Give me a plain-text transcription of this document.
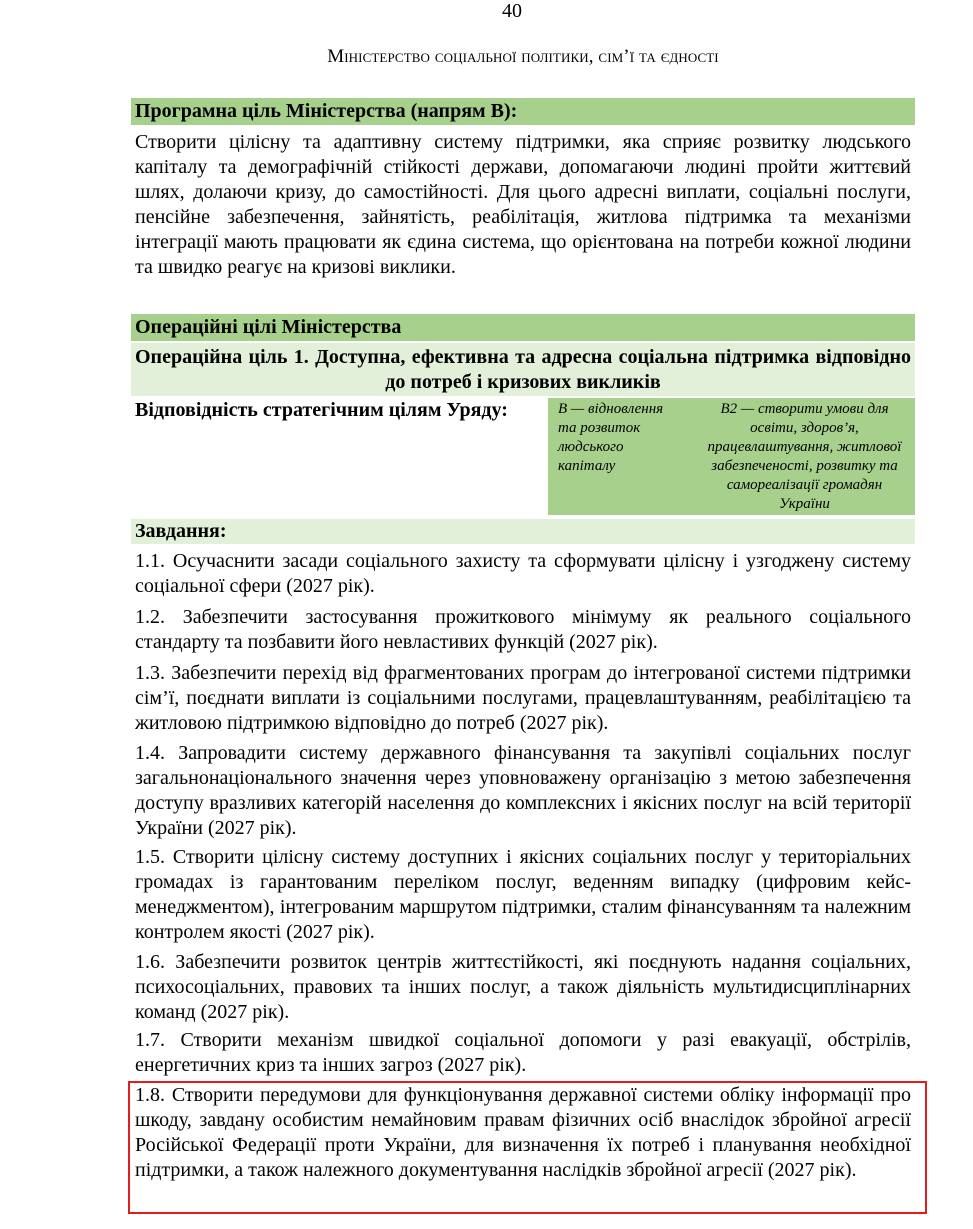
40
Міністерство соціальної політики, сім’ї та єдності
Програмна ціль Міністерства (напрям В):
Створити цілісну та адаптивну систему підтримки, яка сприяє розвитку людського капіталу та демографічній стійкості держави, допомагаючи людині пройти життєвий шлях, долаючи кризу, до самостійності. Для цього адресні виплати, соціальні послуги, пенсійне забезпечення, зайнятість, реабілітація, житлова підтримка та механізми інтеграції мають працювати як єдина система, що орієнтована на потреби кожної людини та швидко реагує на кризові виклики.
Операційні цілі Міністерства
Операційна ціль 1. Доступна, ефективна та адресна соціальна підтримка відповідно до потреб і кризових викликів
Відповідність стратегічним цілям Уряду:	В — відновлення та розвиток людського капіталу
В2 — створити умови для освіти, здоров’я, працевлаштування, житлової забезпеченості, розвитку та самореалізації громадян України
Завдання:
1.1. Осучаснити засади соціального захисту та сформувати цілісну і узгоджену систему соціальної сфери (2027 рік).
1.2. Забезпечити застосування прожиткового мінімуму як реального соціального стандарту та позбавити його невластивих функцій (2027 рік).
1.3. Забезпечити перехід від фрагментованих програм до інтегрованої системи підтримки сім’ї, поєднати виплати із соціальними послугами, працевлаштуванням, реабілітацією та житловою підтримкою відповідно до потреб (2027 рік).
1.4. Запровадити систему державного фінансування та закупівлі соціальних послуг загальнонаціонального значення через уповноважену організацію з метою забезпечення доступу вразливих категорій населення до комплексних і якісних послуг на всій території України (2027 рік).
1.5. Створити цілісну систему доступних і якісних соціальних послуг у територіальних громадах із гарантованим переліком послуг, веденням випадку (цифровим кейс-менеджментом), інтегрованим маршрутом підтримки, сталим фінансуванням та належним контролем якості (2027 рік).
1.6. Забезпечити розвиток центрів життєстійкості, які поєднують надання соціальних, психосоціальних, правових та інших послуг, а також діяльність мультидисциплінарних команд (2027 рік).
1.7. Створити механізм швидкої соціальної допомоги у разі евакуації, обстрілів, енергетичних криз та інших загроз (2027 рік).
1.8. Створити передумови для функціонування державної системи обліку інформації про шкоду, завдану особистим немайновим правам фізичних осіб внаслідок збройної агресії Російської Федерації проти України, для визначення їх потреб і планування необхідної підтримки, а також належного документування наслідків збройної агресії (2027 рік).
